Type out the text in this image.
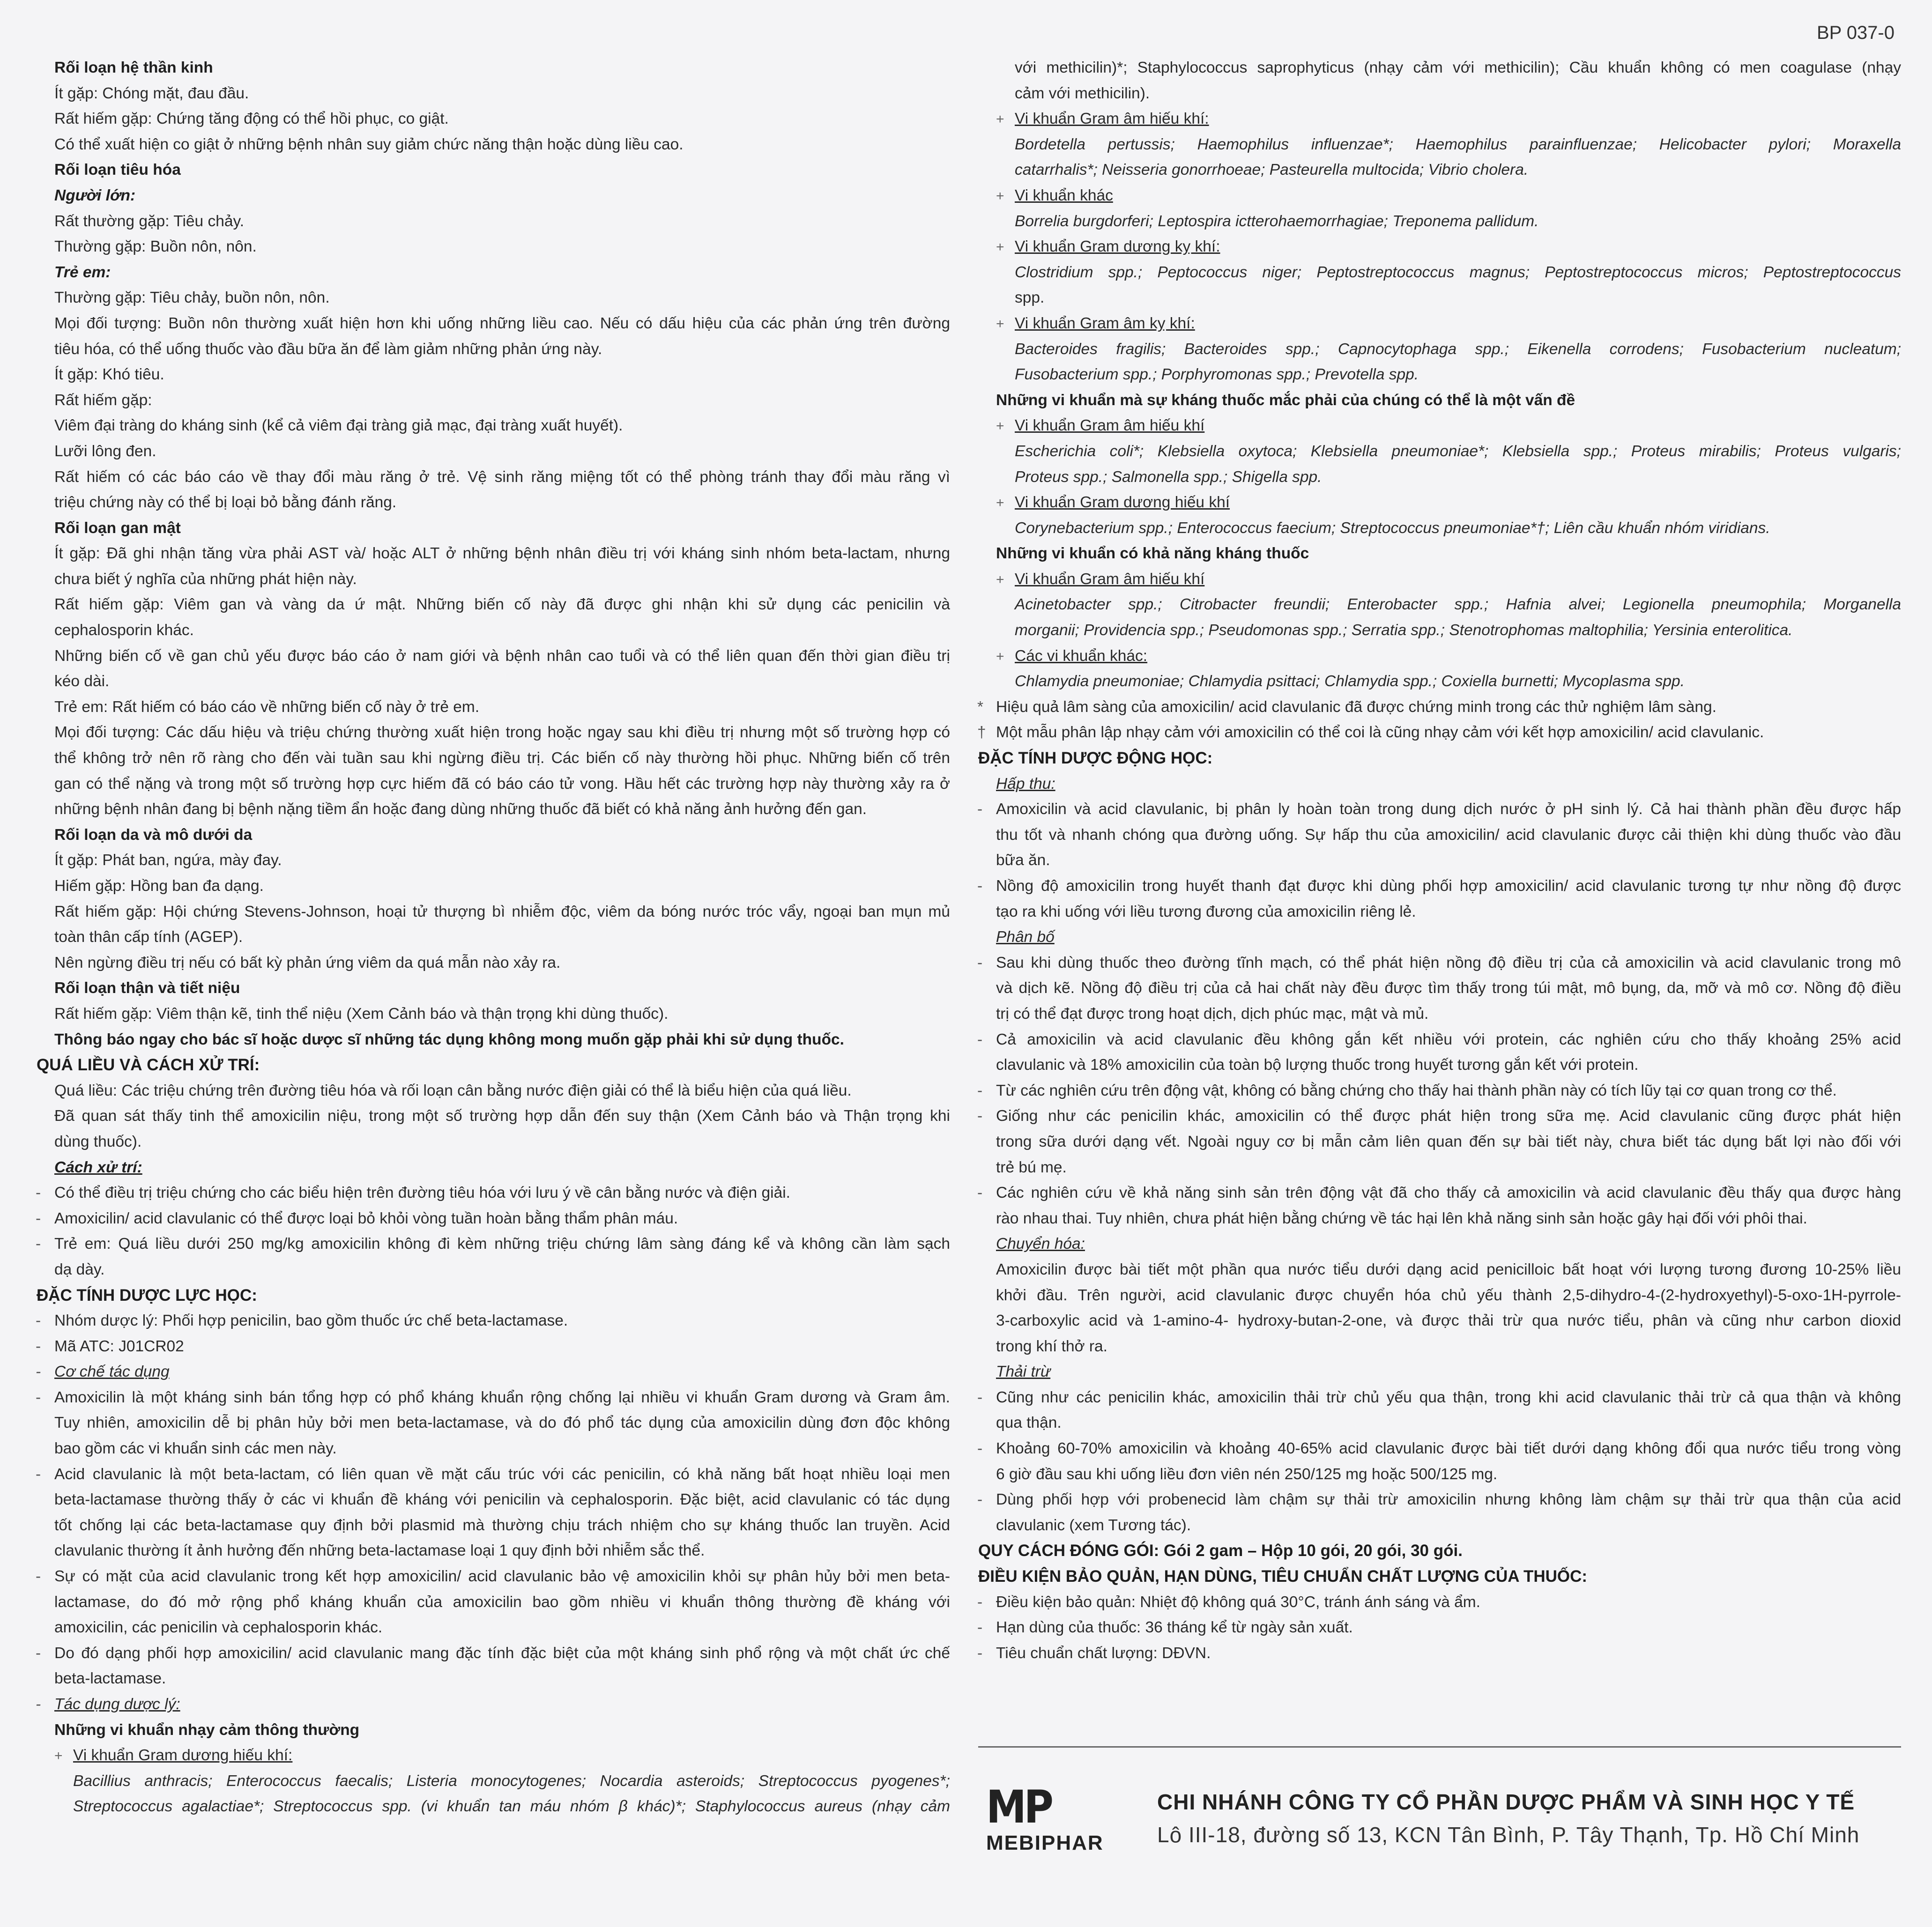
BP 037-0
Rối loạn hệ thần kinh
Ít gặp: Chóng mặt, đau đầu.
Rất hiếm gặp: Chứng tăng động có thể hồi phục, co giật.
Có thể xuất hiện co giật ở những bệnh nhân suy giảm chức năng thận hoặc dùng liều cao.
Rối loạn tiêu hóa
Người lớn:
Rất thường gặp: Tiêu chảy.
Thường gặp: Buồn nôn, nôn.
Trẻ em:
Thường gặp: Tiêu chảy, buồn nôn, nôn.
Mọi đối tượng: Buồn nôn thường xuất hiện hơn khi uống những liều cao. Nếu có dấu hiệu của các phản ứng trên đường
tiêu hóa, có thể uống thuốc vào đầu bữa ăn để làm giảm những phản ứng này.
Ít gặp: Khó tiêu.
Rất hiếm gặp:
Viêm đại tràng do kháng sinh (kể cả viêm đại tràng giả mạc, đại tràng xuất huyết).
Lưỡi lông đen.
Rất hiếm có các báo cáo về thay đổi màu răng ở trẻ. Vệ sinh răng miệng tốt có thể phòng tránh thay đổi màu răng vì
triệu chứng này có thể bị loại bỏ bằng đánh răng.
Rối loạn gan mật
Ít gặp: Đã ghi nhận tăng vừa phải AST và/ hoặc ALT ở những bệnh nhân điều trị với kháng sinh nhóm beta-lactam, nhưng
chưa biết ý nghĩa của những phát hiện này.
Rất hiếm gặp: Viêm gan và vàng da ứ mật. Những biến cố này đã được ghi nhận khi sử dụng các penicilin và
cephalosporin khác.
Những biến cố về gan chủ yếu được báo cáo ở nam giới và bệnh nhân cao tuổi và có thể liên quan đến thời gian điều trị
kéo dài.
Trẻ em: Rất hiếm có báo cáo về những biến cố này ở trẻ em.
Mọi đối tượng: Các dấu hiệu và triệu chứng thường xuất hiện trong hoặc ngay sau khi điều trị nhưng một số trường hợp có
thể không trở nên rõ ràng cho đến vài tuần sau khi ngừng điều trị. Các biến cố này thường hồi phục. Những biến cố trên
gan có thể nặng và trong một số trường hợp cực hiếm đã có báo cáo tử vong. Hầu hết các trường hợp này thường xảy ra ở
những bệnh nhân đang bị bệnh nặng tiềm ẩn hoặc đang dùng những thuốc đã biết có khả năng ảnh hưởng đến gan.
Rối loạn da và mô dưới da
Ít gặp: Phát ban, ngứa, mày đay.
Hiếm gặp: Hồng ban đa dạng.
Rất hiếm gặp: Hội chứng Stevens-Johnson, hoại tử thượng bì nhiễm độc, viêm da bóng nước tróc vẩy, ngoại ban mụn mủ
toàn thân cấp tính (AGEP).
Nên ngừng điều trị nếu có bất kỳ phản ứng viêm da quá mẫn nào xảy ra.
Rối loạn thận và tiết niệu
Rất hiếm gặp: Viêm thận kẽ, tinh thể niệu (Xem Cảnh báo và thận trọng khi dùng thuốc).
Thông báo ngay cho bác sĩ hoặc dược sĩ những tác dụng không mong muốn gặp phải khi sử dụng thuốc.
QUÁ LIỀU VÀ CÁCH XỬ TRÍ:
Quá liều: Các triệu chứng trên đường tiêu hóa và rối loạn cân bằng nước điện giải có thể là biểu hiện của quá liều.
Đã quan sát thấy tinh thể amoxicilin niệu, trong một số trường hợp dẫn đến suy thận (Xem Cảnh báo và Thận trọng khi
dùng thuốc).
Cách xử trí:
- Có thể điều trị triệu chứng cho các biểu hiện trên đường tiêu hóa với lưu ý về cân bằng nước và điện giải.
- Amoxicilin/ acid clavulanic có thể được loại bỏ khỏi vòng tuần hoàn bằng thẩm phân máu.
- Trẻ em: Quá liều dưới 250 mg/kg amoxicilin không đi kèm những triệu chứng lâm sàng đáng kể và không cần làm sạch
dạ dày.
ĐẶC TÍNH DƯỢC LỰC HỌC:
- Nhóm dược lý: Phối hợp penicilin, bao gồm thuốc ức chế beta-lactamase.
- Mã ATC: J01CR02
- Cơ chế tác dụng
- Amoxicilin là một kháng sinh bán tổng hợp có phổ kháng khuẩn rộng chống lại nhiều vi khuẩn Gram dương và Gram âm.
Tuy nhiên, amoxicilin dễ bị phân hủy bởi men beta-lactamase, và do đó phổ tác dụng của amoxicilin dùng đơn độc không
bao gồm các vi khuẩn sinh các men này.
- Acid clavulanic là một beta-lactam, có liên quan về mặt cấu trúc với các penicilin, có khả năng bất hoạt nhiều loại men
beta-lactamase thường thấy ở các vi khuẩn đề kháng với penicilin và cephalosporin. Đặc biệt, acid clavulanic có tác dụng
tốt chống lại các beta-lactamase quy định bởi plasmid mà thường chịu trách nhiệm cho sự kháng thuốc lan truyền. Acid
clavulanic thường ít ảnh hưởng đến những beta-lactamase loại 1 quy định bởi nhiễm sắc thể.
- Sự có mặt của acid clavulanic trong kết hợp amoxicilin/ acid clavulanic bảo vệ amoxicilin khỏi sự phân hủy bởi men beta-
lactamase, do đó mở rộng phổ kháng khuẩn của amoxicilin bao gồm nhiều vi khuẩn thông thường đề kháng với
amoxicilin, các penicilin và cephalosporin khác.
- Do đó dạng phối hợp amoxicilin/ acid clavulanic mang đặc tính đặc biệt của một kháng sinh phổ rộng và một chất ức chế
beta-lactamase.
- Tác dụng dược lý:
Những vi khuẩn nhạy cảm thông thường
+ Vi khuẩn Gram dương hiếu khí:
Bacillius anthracis; Enterococcus faecalis; Listeria monocytogenes; Nocardia asteroids; Streptococcus pyogenes*;
Streptococcus agalactiae*; Streptococcus spp. (vi khuẩn tan máu nhóm β khác)*; Staphylococcus aureus (nhạy cảm
với methicilin)*; Staphylococcus saprophyticus (nhạy cảm với methicilin); Cầu khuẩn không có men coagulase (nhạy
cảm với methicilin).
+ Vi khuẩn Gram âm hiếu khí:
Bordetella pertussis; Haemophilus influenzae*; Haemophilus parainfluenzae; Helicobacter pylori; Moraxella
catarrhalis*; Neisseria gonorrhoeae; Pasteurella multocida; Vibrio cholera.
+ Vi khuẩn khác
Borrelia burgdorferi; Leptospira ictterohaemorrhagiae; Treponema pallidum.
+ Vi khuẩn Gram dương kỵ khí:
Clostridium spp.; Peptococcus niger; Peptostreptococcus magnus; Peptostreptococcus micros; Peptostreptococcus
spp.
+ Vi khuẩn Gram âm kỵ khí:
Bacteroides fragilis; Bacteroides spp.; Capnocytophaga spp.; Eikenella corrodens; Fusobacterium nucleatum;
Fusobacterium spp.; Porphyromonas spp.; Prevotella spp.
Những vi khuẩn mà sự kháng thuốc mắc phải của chúng có thể là một vấn đề
+ Vi khuẩn Gram âm hiếu khí
Escherichia coli*; Klebsiella oxytoca; Klebsiella pneumoniae*; Klebsiella spp.; Proteus mirabilis; Proteus vulgaris;
Proteus spp.; Salmonella spp.; Shigella spp.
+ Vi khuẩn Gram dương hiếu khí
Corynebacterium spp.; Enterococcus faecium; Streptococcus pneumoniae*†; Liên cầu khuẩn nhóm viridians.
Những vi khuẩn có khả năng kháng thuốc
+ Vi khuẩn Gram âm hiếu khí
Acinetobacter spp.; Citrobacter freundii; Enterobacter spp.; Hafnia alvei; Legionella pneumophila; Morganella
morganii; Providencia spp.; Pseudomonas spp.; Serratia spp.; Stenotrophomas maltophilia; Yersinia enterolitica.
+ Các vi khuẩn khác:
Chlamydia pneumoniae; Chlamydia psittaci; Chlamydia spp.; Coxiella burnetti; Mycoplasma spp.
* Hiệu quả lâm sàng của amoxicilin/ acid clavulanic đã được chứng minh trong các thử nghiệm lâm sàng.
† Một mẫu phân lập nhạy cảm với amoxicilin có thể coi là cũng nhạy cảm với kết hợp amoxicilin/ acid clavulanic.
ĐẶC TÍNH DƯỢC ĐỘNG HỌC:
Hấp thu:
- Amoxicilin và acid clavulanic, bị phân ly hoàn toàn trong dung dịch nước ở pH sinh lý. Cả hai thành phần đều được hấp
thu tốt và nhanh chóng qua đường uống. Sự hấp thu của amoxicilin/ acid clavulanic được cải thiện khi dùng thuốc vào đầu
bữa ăn.
- Nồng độ amoxicilin trong huyết thanh đạt được khi dùng phối hợp amoxicilin/ acid clavulanic tương tự như nồng độ được
tạo ra khi uống với liều tương đương của amoxicilin riêng lẻ.
Phân bố
- Sau khi dùng thuốc theo đường tĩnh mạch, có thể phát hiện nồng độ điều trị của cả amoxicilin và acid clavulanic trong mô
và dịch kẽ. Nồng độ điều trị của cả hai chất này đều được tìm thấy trong túi mật, mô bụng, da, mỡ và mô cơ. Nồng độ điều
trị có thể đạt được trong hoạt dịch, dịch phúc mạc, mật và mủ.
- Cả amoxicilin và acid clavulanic đều không gắn kết nhiều với protein, các nghiên cứu cho thấy khoảng 25% acid
clavulanic và 18% amoxicilin của toàn bộ lượng thuốc trong huyết tương gắn kết với protein.
- Từ các nghiên cứu trên động vật, không có bằng chứng cho thấy hai thành phần này có tích lũy tại cơ quan trong cơ thể.
- Giống như các penicilin khác, amoxicilin có thể được phát hiện trong sữa mẹ. Acid clavulanic cũng được phát hiện
trong sữa dưới dạng vết. Ngoài nguy cơ bị mẫn cảm liên quan đến sự bài tiết này, chưa biết tác dụng bất lợi nào đối với
trẻ bú mẹ.
- Các nghiên cứu về khả năng sinh sản trên động vật đã cho thấy cả amoxicilin và acid clavulanic đều thấy qua được hàng
rào nhau thai. Tuy nhiên, chưa phát hiện bằng chứng về tác hại lên khả năng sinh sản hoặc gây hại đối với phôi thai.
Chuyển hóa:
Amoxicilin được bài tiết một phần qua nước tiểu dưới dạng acid penicilloic bất hoạt với lượng tương đương 10-25% liều
khởi đầu. Trên người, acid clavulanic được chuyển hóa chủ yếu thành 2,5-dihydro-4-(2-hydroxyethyl)-5-oxo-1H-pyrrole-
3-carboxylic acid và 1-amino-4- hydroxy-butan-2-one, và được thải trừ qua nước tiểu, phân và cũng như carbon dioxid
trong khí thở ra.
Thải trừ
- Cũng như các penicilin khác, amoxicilin thải trừ chủ yếu qua thận, trong khi acid clavulanic thải trừ cả qua thận và không
qua thận.
- Khoảng 60-70% amoxicilin và khoảng 40-65% acid clavulanic được bài tiết dưới dạng không đổi qua nước tiểu trong vòng
6 giờ đầu sau khi uống liều đơn viên nén 250/125 mg hoặc 500/125 mg.
- Dùng phối hợp với probenecid làm chậm sự thải trừ amoxicilin nhưng không làm chậm sự thải trừ qua thận của acid
clavulanic (xem Tương tác).
QUY CÁCH ĐÓNG GÓI: Gói 2 gam – Hộp 10 gói, 20 gói, 30 gói.
ĐIỀU KIỆN BẢO QUẢN, HẠN DÙNG, TIÊU CHUẨN CHẤT LƯỢNG CỦA THUỐC:
- Điều kiện bảo quản: Nhiệt độ không quá 30°C, tránh ánh sáng và ẩm.
- Hạn dùng của thuốc: 36 tháng kể từ ngày sản xuất.
- Tiêu chuẩn chất lượng: DĐVN.
MP
MEBIPHAR
CHI NHÁNH CÔNG TY CỔ PHẦN DƯỢC PHẨM VÀ SINH HỌC Y TẾ
Lô III-18, đường số 13, KCN Tân Bình, P. Tây Thạnh, Tp. Hồ Chí Minh
